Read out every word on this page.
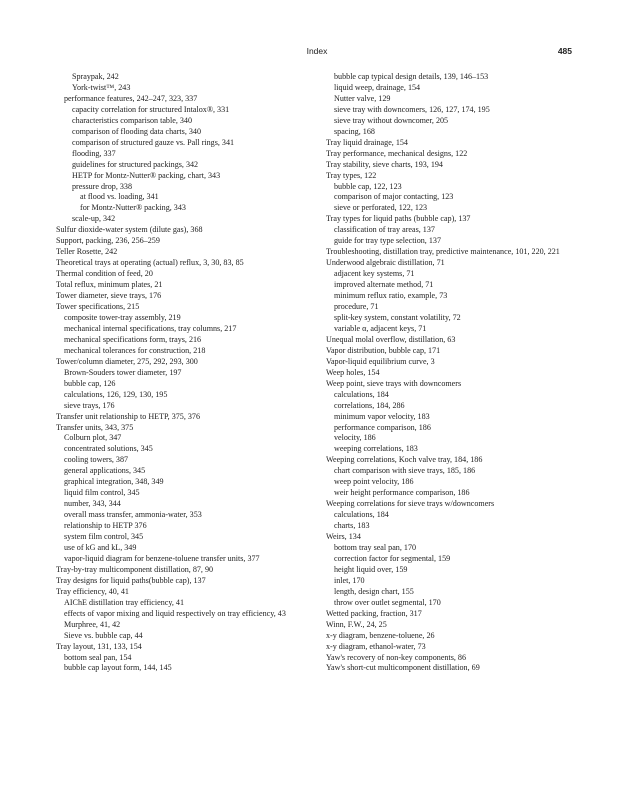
Index	485
Spraypak, 242
York-twist™, 243
performance features, 242–247, 323, 337
capacity correlation for structured Intalox®, 331
characteristics comparison table, 340
comparison of flooding data charts, 340
comparison of structured gauze vs. Pall rings, 341
flooding, 337
guidelines for structured packings, 342
HETP for Montz-Nutter® packing, chart, 343
pressure drop, 338
at flood vs. loading, 341
for Montz-Nutter® packing, 343
scale-up, 342
Sulfur dioxide-water system (dilute gas), 368
Support, packing, 236, 256–259
Teller Rosette, 242
Theoretical trays at operating (actual) reflux, 3, 30, 83, 85
Thermal condition of feed, 20
Total reflux, minimum plates, 21
Tower diameter, sieve trays, 176
Tower specifications, 215
composite tower-tray assembly, 219
mechanical internal specifications, tray columns, 217
mechanical specifications form, trays, 216
mechanical tolerances for construction, 218
Tower/column diameter, 275, 292, 293, 300
Brown-Souders tower diameter, 197
bubble cap, 126
calculations, 126, 129, 130, 195
sieve trays, 176
Transfer unit relationship to HETP, 375, 376
Transfer units, 343, 375
Colburn plot, 347
concentrated solutions, 345
cooling towers, 387
general applications, 345
graphical integration, 348, 349
liquid film control, 345
number, 343, 344
overall mass transfer, ammonia-water, 353
relationship to HETP 376
system film control, 345
use of kG and kL, 349
vapor-liquid diagram for benzene-toluene transfer units, 377
Tray-by-tray multicomponent distillation, 87, 90
Tray designs for liquid paths(bubble cap), 137
Tray efficiency, 40, 41
AIChE distillation tray efficiency, 41
effects of vapor mixing and liquid respectively on tray efficiency, 43
Murphree, 41, 42
Sieve vs. bubble cap, 44
Tray layout, 131, 133, 154
bottom seal pan, 154
bubble cap layout form, 144, 145
bubble cap typical design details, 139, 146–153
liquid weep, drainage, 154
Nutter valve, 129
sieve tray with downcomers, 126, 127, 174, 195
sieve tray without downcomer, 205
spacing, 168
Tray liquid drainage, 154
Tray performance, mechanical designs, 122
Tray stability, sieve charts, 193, 194
Tray types, 122
bubble cap, 122, 123
comparison of major contacting, 123
sieve or perforated, 122, 123
Tray types for liquid paths (bubble cap), 137
classification of tray areas, 137
guide for tray type selection, 137
Troubleshooting, distillation tray, predictive maintenance, 101, 220, 221
Underwood algebraic distillation, 71
adjacent key systems, 71
improved alternate method, 71
minimum reflux ratio, example, 73
procedure, 71
split-key system, constant volatility, 72
variable α, adjacent keys, 71
Unequal molal overflow, distillation, 63
Vapor distribution, bubble cap, 171
Vapor-liquid equilibrium curve, 3
Weep holes, 154
Weep point, sieve trays with downcomers
calculations, 184
correlations, 184, 286
minimum vapor velocity, 183
performance comparison, 186
velocity, 186
weeping correlations, 183
Weeping correlations, Koch valve tray, 184, 186
chart comparison with sieve trays, 185, 186
weep point velocity, 186
weir height performance comparison, 186
Weeping correlations for sieve trays w/downcomers
calculations, 184
charts, 183
Weirs, 134
bottom tray seal pan, 170
correction factor for segmental, 159
height liquid over, 159
inlet, 170
length, design chart, 155
throw over outlet segmental, 170
Wetted packing, fraction, 317
Winn, F.W., 24, 25
x-y diagram, benzene-toluene, 26
x-y diagram, ethanol-water, 73
Yaw's recovery of non-key components, 86
Yaw's short-cut multicomponent distillation, 69
